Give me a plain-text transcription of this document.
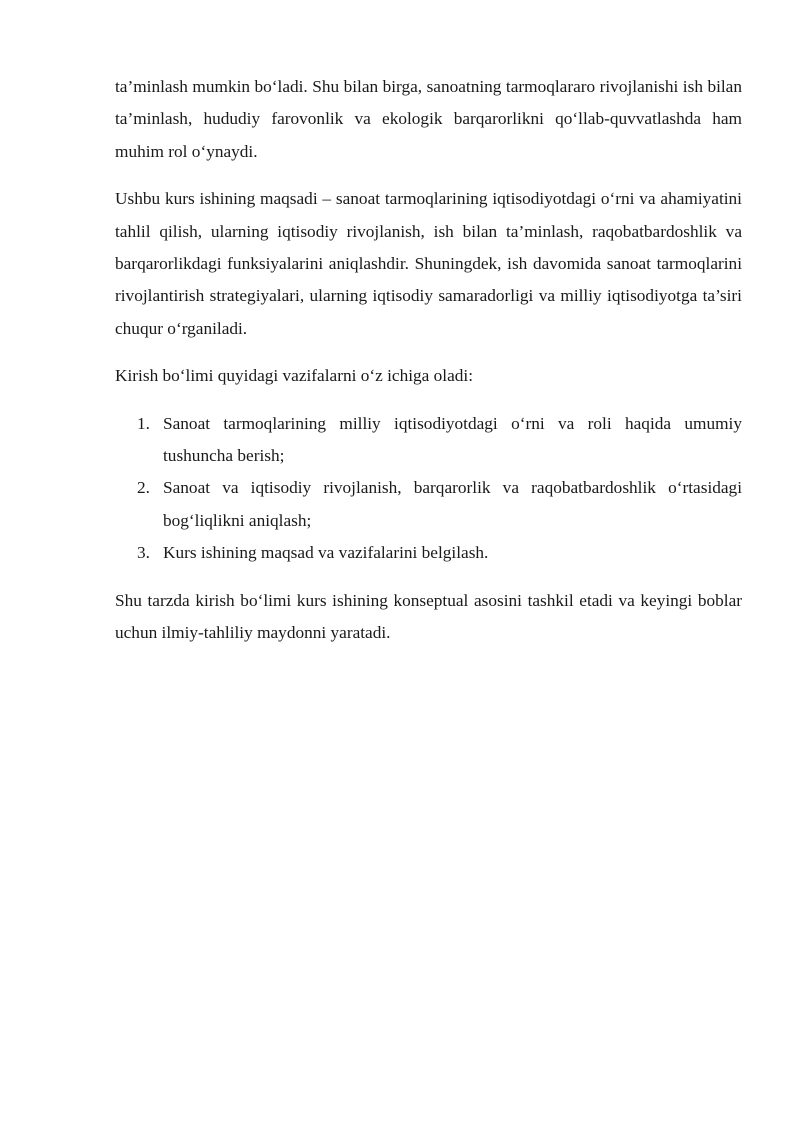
ta’minlash mumkin bo‘ladi. Shu bilan birga, sanoatning tarmoqlararo rivojlanishi ish bilan ta’minlash, hududiy farovonlik va ekologik barqarorlikni qo‘llab-quvvatlashda ham muhim rol o‘ynaydi.

Ushbu kurs ishining maqsadi – sanoat tarmoqlarining iqtisodiyotdagi o‘rni va ahamiyatini tahlil qilish, ularning iqtisodiy rivojlanish, ish bilan ta’minlash, raqobatbardoshlik va barqarorlikdagi funksiyalarini aniqlashdir. Shuningdek, ish davomida sanoat tarmoqlarini rivojlantirish strategiyalari, ularning iqtisodiy samaradorligi va milliy iqtisodiyotga ta’siri chuqur o‘rganiladi.

Kirish bo‘limi quyidagi vazifalarni o‘z ichiga oladi:

1. Sanoat tarmoqlarining milliy iqtisodiyotdagi o‘rni va roli haqida umumiy tushuncha berish;
2. Sanoat va iqtisodiy rivojlanish, barqarorlik va raqobatbardoshlik o‘rtasidagi bog‘liqlikni aniqlash;
3. Kurs ishining maqsad va vazifalarini belgilash.

Shu tarzda kirish bo‘limi kurs ishining konseptual asosini tashkil etadi va keyingi boblar uchun ilmiy-tahliliy maydonni yaratadi.
